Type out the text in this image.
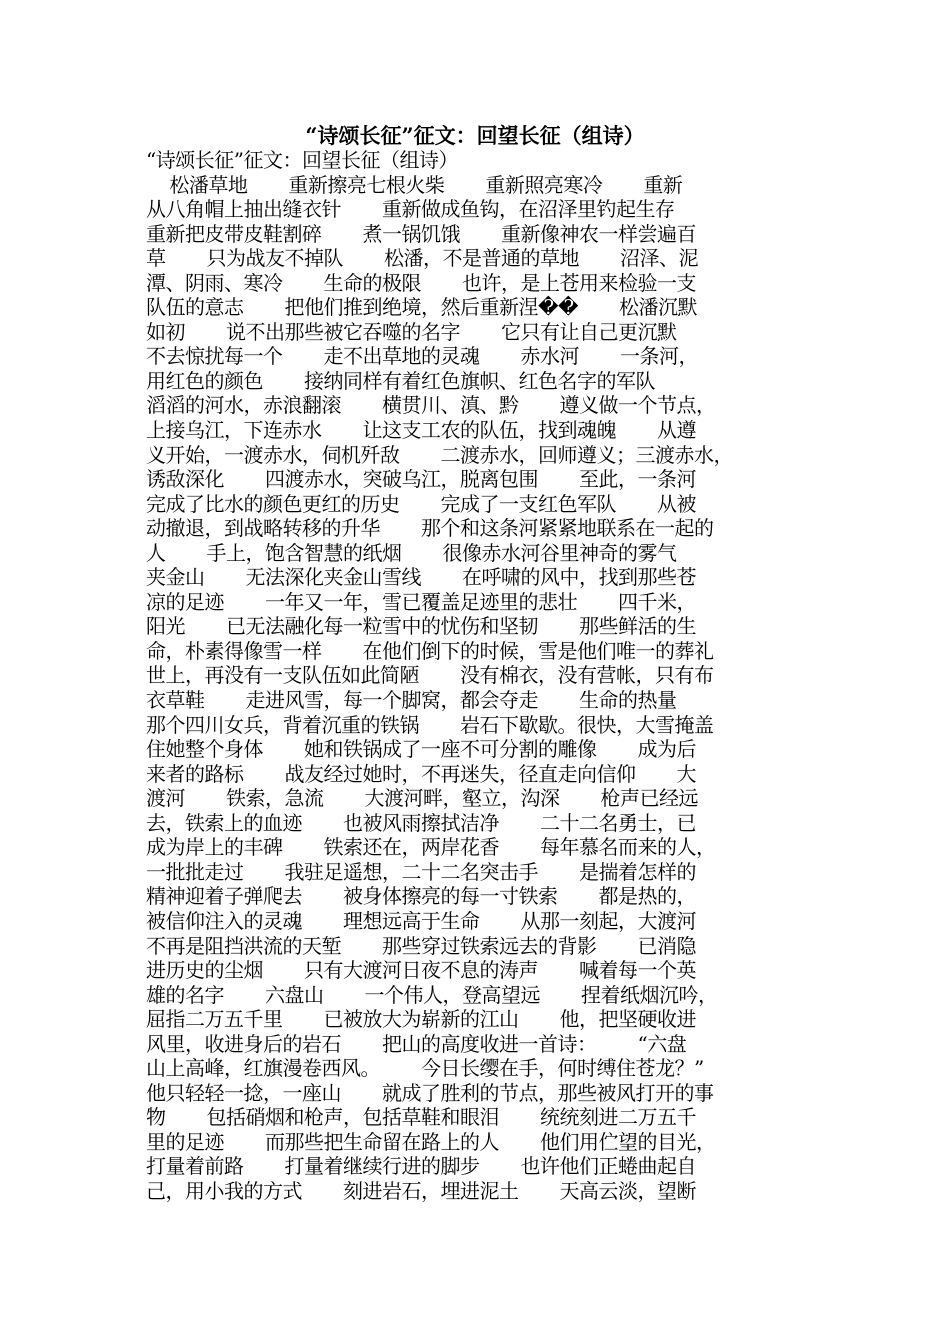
“诗颂长征”征文：回望长征（组诗）
“诗颂长征”征文：回望长征（组诗）
松潘草地       重新擦亮七根火柴       重新照亮寒冷       重新
从八角帽上抽出缝衣针       重新做成鱼钩，在沼泽里钓起生存
重新把皮带皮鞋割碎       煮一锅饥饿       重新像神农一样尝遍百
草       只为战友不掉队       松潘，不是普通的草地       沼泽、泥
潭、阴雨、寒冷       生命的极限       也许，是上苍用来检验一支
队伍的意志       把他们推到绝境，然后重新涅��       松潘沉默
如初       说不出那些被它吞噬的名字       它只有让自己更沉默
不去惊扰每一个       走不出草地的灵魂       赤水河       一条河，
用红色的颜色       接纳同样有着红色旗帜、红色名字的军队
滔滔的河水，赤浪翻滚       横贯川、滇、黔       遵义做一个节点，
上接乌江，下连赤水       让这支工农的队伍，找到魂魄       从遵
义开始，一渡赤水，伺机歼敌       二渡赤水，回师遵义；三渡赤水，
诱敌深化       四渡赤水，突破乌江，脱离包围       至此，一条河
完成了比水的颜色更红的历史       完成了一支红色军队       从被
动撤退，到战略转移的升华       那个和这条河紧紧地联系在一起的
人       手上，饱含智慧的纸烟       很像赤水河谷里神奇的雾气
夹金山       无法深化夹金山雪线       在呼啸的风中，找到那些苍
凉的足迹       一年又一年，雪已覆盖足迹里的悲壮       四千米，
阳光       已无法融化每一粒雪中的忧伤和坚韧       那些鲜活的生
命，朴素得像雪一样       在他们倒下的时候，雪是他们唯一的葬礼
世上，再没有一支队伍如此简陋       没有棉衣，没有营帐，只有布
衣草鞋       走进风雪，每一个脚窝，都会夺走       生命的热量
那个四川女兵，背着沉重的铁锅       岩石下歇歇。很快，大雪掩盖
住她整个身体       她和铁锅成了一座不可分割的雕像       成为后
来者的路标       战友经过她时，不再迷失，径直走向信仰       大
渡河       铁索，急流       大渡河畔，壑立，沟深       枪声已经远
去，铁索上的血迹       也被风雨擦拭洁净       二十二名勇士，已
成为岸上的丰碑       铁索还在，两岸花香       每年慕名而来的人，
一批批走过       我驻足遥想，二十二名突击手       是揣着怎样的
精神迎着子弹爬去       被身体擦亮的每一寸铁索       都是热的，
被信仰注入的灵魂       理想远高于生命       从那一刻起，大渡河
不再是阻挡洪流的天堑       那些穿过铁索远去的背影       已消隐
进历史的尘烟       只有大渡河日夜不息的涛声       喊着每一个英
雄的名字       六盘山       一个伟人，登高望远       捏着纸烟沉吟，
屈指二万五千里       已被放大为崭新的江山       他，把坚硬收进
风里，收进身后的岩石       把山的高度收进一首诗：       “六盘
山上高峰，红旗漫卷西风。       今日长缨在手，何时缚住苍龙？”
他只轻轻一捻，一座山       就成了胜利的节点，那些被风打开的事
物       包括硝烟和枪声，包括草鞋和眼泪       统统刻进二万五千
里的足迹       而那些把生命留在路上的人       他们用伫望的目光，
打量着前路       打量着继续行进的脚步       也许他们正蜷曲起自
己，用小我的方式       刻进岩石，埋进泥土       天高云淡，望断
